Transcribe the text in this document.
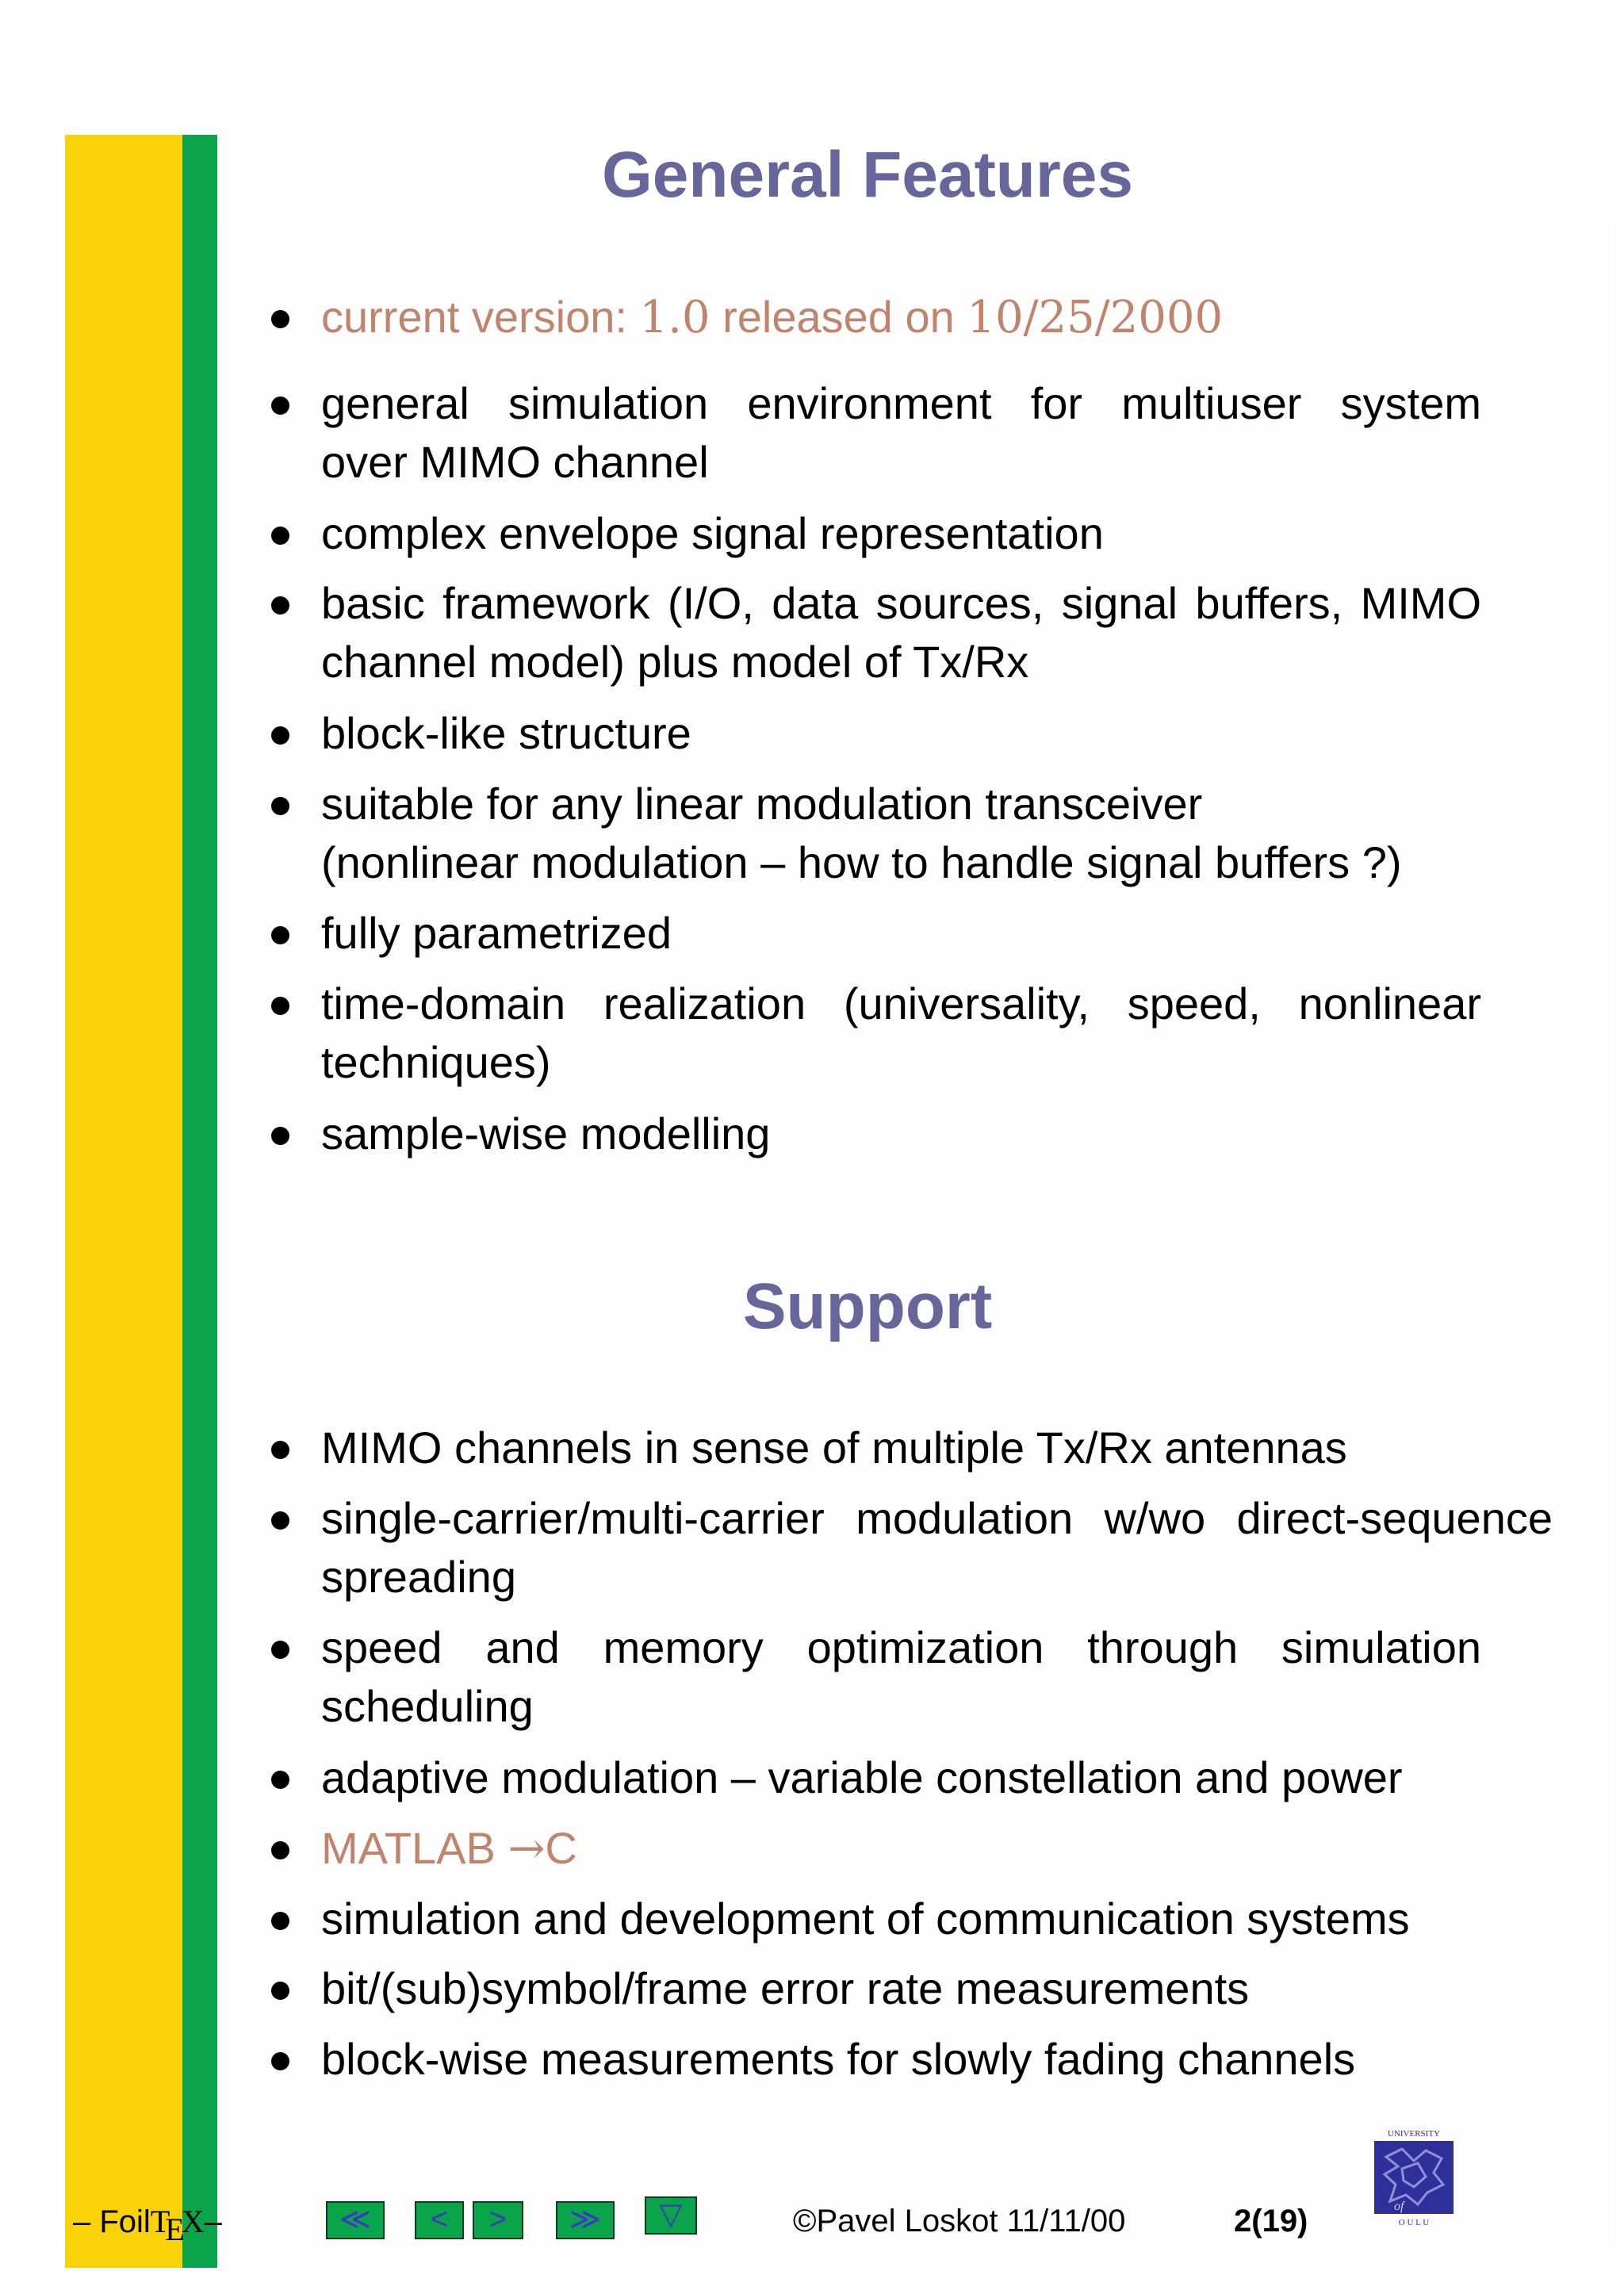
General Features
current version: 1.0 released on 10/25/2000
general simulation environment for multiuser system
over MIMO channel
complex envelope signal representation
basic framework (I/O, data sources, signal buffers, MIMO
channel model) plus model of Tx/Rx
block-like structure
suitable for any linear modulation transceiver
(nonlinear modulation – how to handle signal buffers ?)
fully parametrized
time-domain realization (universality, speed, nonlinear
techniques)
sample-wise modelling
Support
MIMO channels in sense of multiple Tx/Rx antennas
single-carrier/multi-carrier modulation w/wo direct-sequence
spreading
speed and memory optimization through simulation
scheduling
adaptive modulation – variable constellation and power
MATLAB →C
simulation and development of communication systems
bit/(sub)symbol/frame error rate measurements
block-wise measurements for slowly fading channels
– FoilTEX–	≪	<	>	≫	▽	©Pavel Loskot 11/11/00	2(19)
UNIVERSITY
of
O U L U
